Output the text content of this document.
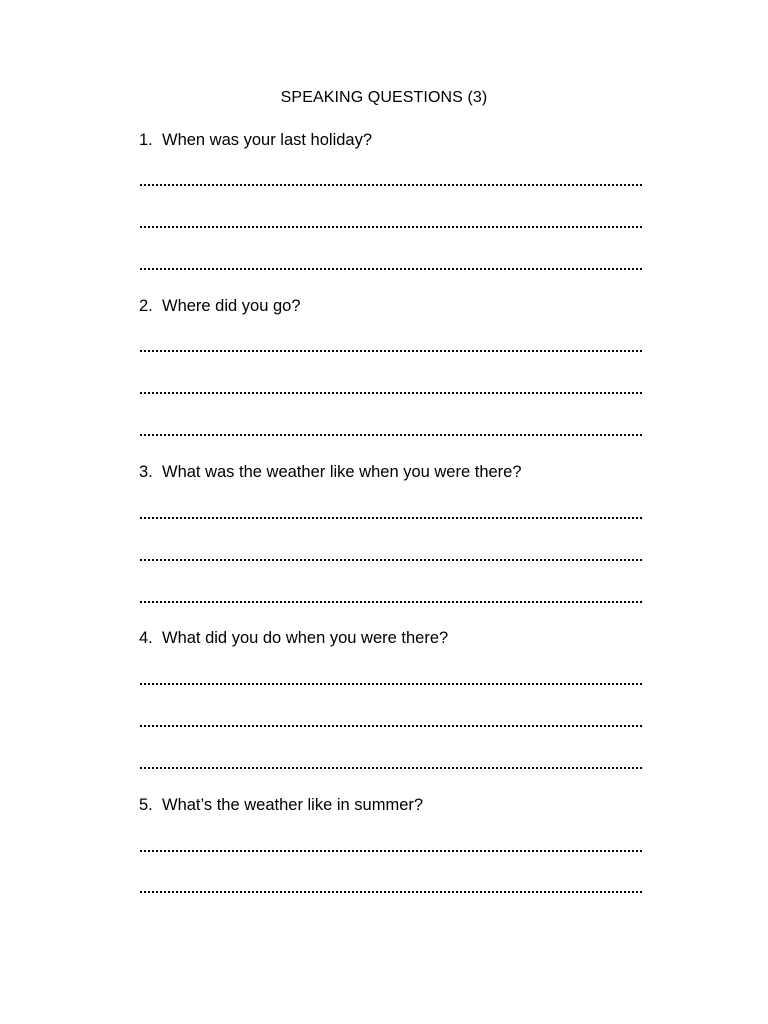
SPEAKING QUESTIONS (3)
1. When was your last holiday?
2. Where did you go?
3. What was the weather like when you were there?
4. What did you do when you were there?
5. What’s the weather like in summer?
